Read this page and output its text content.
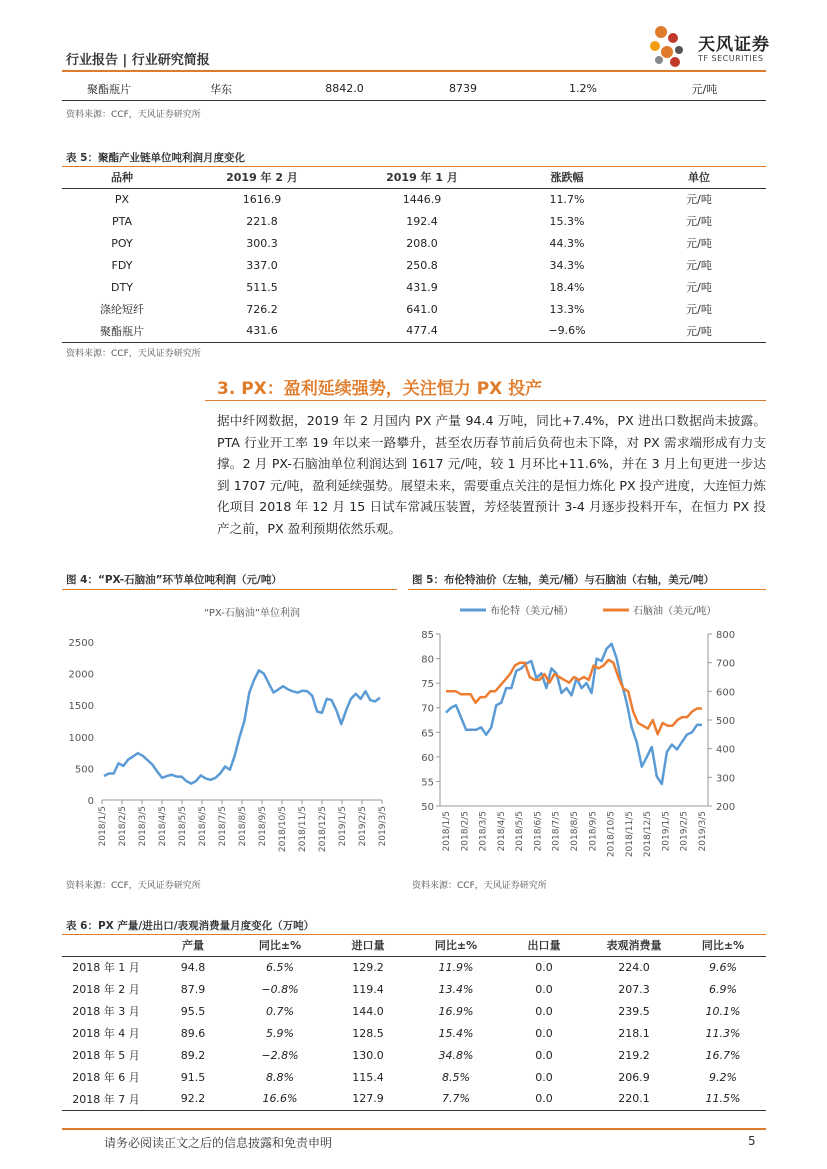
行业报告 | 行业研究简报
天风证券
TF SECURITIES
聚酯瓶片	华东	8842.0	8739	1.2%	元/吨
资料来源：CCF，天风证券研究所
表 5：聚酯产业链单位吨利润月度变化
品种	2019 年 2 月	2019 年 1 月	涨跌幅	单位
PX	1616.9	1446.9	11.7%	元/吨
PTA	221.8	192.4	15.3%	元/吨
POY	300.3	208.0	44.3%	元/吨
FDY	337.0	250.8	34.3%	元/吨
DTY	511.5	431.9	18.4%	元/吨
涤纶短纤	726.2	641.0	13.3%	元/吨
聚酯瓶片	431.6	477.4	−9.6%	元/吨
资料来源：CCF，天风证券研究所
3. PX：盈利延续强势，关注恒力 PX 投产
据中纤网数据，2019 年 2 月国内 PX 产量 94.4 万吨，同比+7.4%，PX 进出口数据尚未披露。PTA 行业开工率 19 年以来一路攀升，甚至农历春节前后负荷也未下降，对 PX 需求端形成有力支撑。2 月 PX-石脑油单位利润达到 1617 元/吨，较 1 月环比+11.6%，并在 3 月上旬更进一步达到 1707 元/吨，盈利延续强势。展望未来，需要重点关注的是恒力炼化 PX 投产进度，大连恒力炼化项目 2018 年 12 月 15 日试车常减压装置，芳烃装置预计 3-4 月逐步投料开车，在恒力 PX 投产之前，PX 盈利预期依然乐观。
图 4：“PX-石脑油”环节单位吨利润（元/吨）	图 5：布伦特油价（左轴，美元/桶）与石脑油（右轴，美元/吨）
“PX-石脑油”单位利润
0
500
1000
1500
2000
2500
2018/1/5 2018/2/5 2018/3/5 2018/4/5 2018/5/5 2018/6/5 2018/7/5 2018/8/5 2018/9/5 2018/10/5 2018/11/5 2018/12/5 2019/1/5 2019/2/5 2019/3/5	50
55
60
65
70
75
80
85
200
300
400
500
600
700
800
2018/1/5 2018/2/5 2018/3/5 2018/4/5 2018/5/5 2018/6/5 2018/7/5 2018/8/5 2018/9/5 2018/10/5 2018/11/5 2018/12/5 2019/1/5 2019/2/5 2019/3/5
布伦特（美元/桶）	石脑油（美元/吨）
资料来源：CCF，天风证券研究所	资料来源：CCF，天风证券研究所
表 6：PX 产量/进出口/表观消费量月度变化（万吨）
	产量	同比±%	进口量	同比±%	出口量	表观消费量	同比±%
2018 年 1 月	94.8	6.5%	129.2	11.9%	0.0	224.0	9.6%
2018 年 2 月	87.9	−0.8%	119.4	13.4%	0.0	207.3	6.9%
2018 年 3 月	95.5	0.7%	144.0	16.9%	0.0	239.5	10.1%
2018 年 4 月	89.6	5.9%	128.5	15.4%	0.0	218.1	11.3%
2018 年 5 月	89.2	−2.8%	130.0	34.8%	0.0	219.2	16.7%
2018 年 6 月	91.5	8.8%	115.4	8.5%	0.0	206.9	9.2%
2018 年 7 月	92.2	16.6%	127.9	7.7%	0.0	220.1	11.5%
请务必阅读正文之后的信息披露和免责申明	5
